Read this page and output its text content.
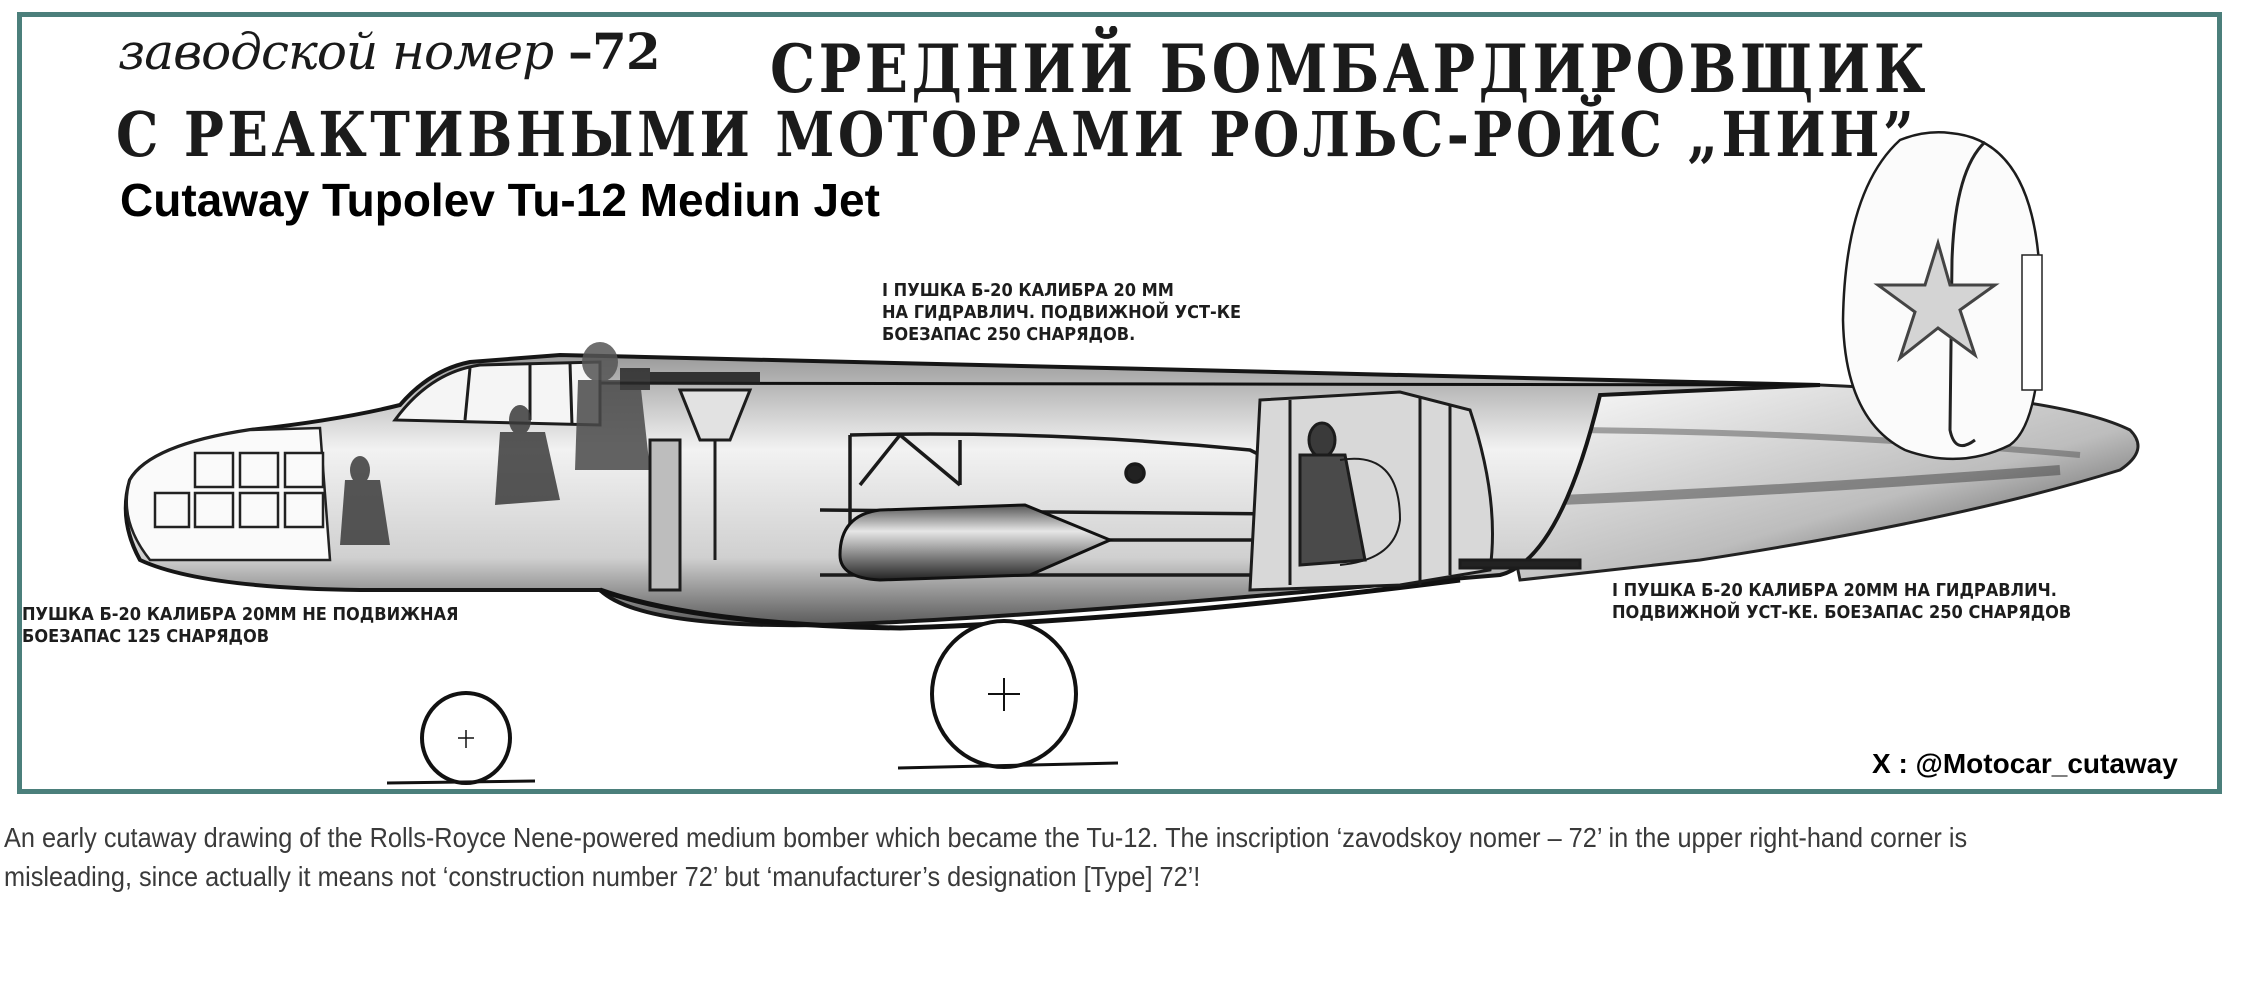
заводской номер –72 СРЕДНИЙ БОМБАРДИРОВЩИК
С РЕАКТИВНЫМИ МОТОРАМИ РОЛЬС-РОЙС „НИН”
Cutaway Tupolev Tu-12 Mediun Jet
I ПУШКА Б-20 КАЛИБРА 20 ММ
НА ГИДРАВЛИЧ. ПОДВИЖНОЙ УСТ-КЕ
БОЕЗАПАС 250 СНАРЯДОВ.
ПУШКА Б-20 КАЛИБРА 20ММ НЕ ПОДВИЖНАЯ
БОЕЗАПАС 125 СНАРЯДОВ
I ПУШКА Б-20 КАЛИБРА 20ММ НА ГИДРАВЛИЧ.
ПОДВИЖНОЙ УСТ-КЕ. БОЕЗАПАС 250 СНАРЯДОВ
X : @Motocar_cutaway
An early cutaway drawing of the Rolls-Royce Nene-powered medium bomber which became the Tu-12. The inscription ‘zavodskoy nomer – 72’ in the upper right-hand corner is misleading, since actually it means not ‘construction number 72’ but ‘manufacturer’s designation [Type] 72’!
